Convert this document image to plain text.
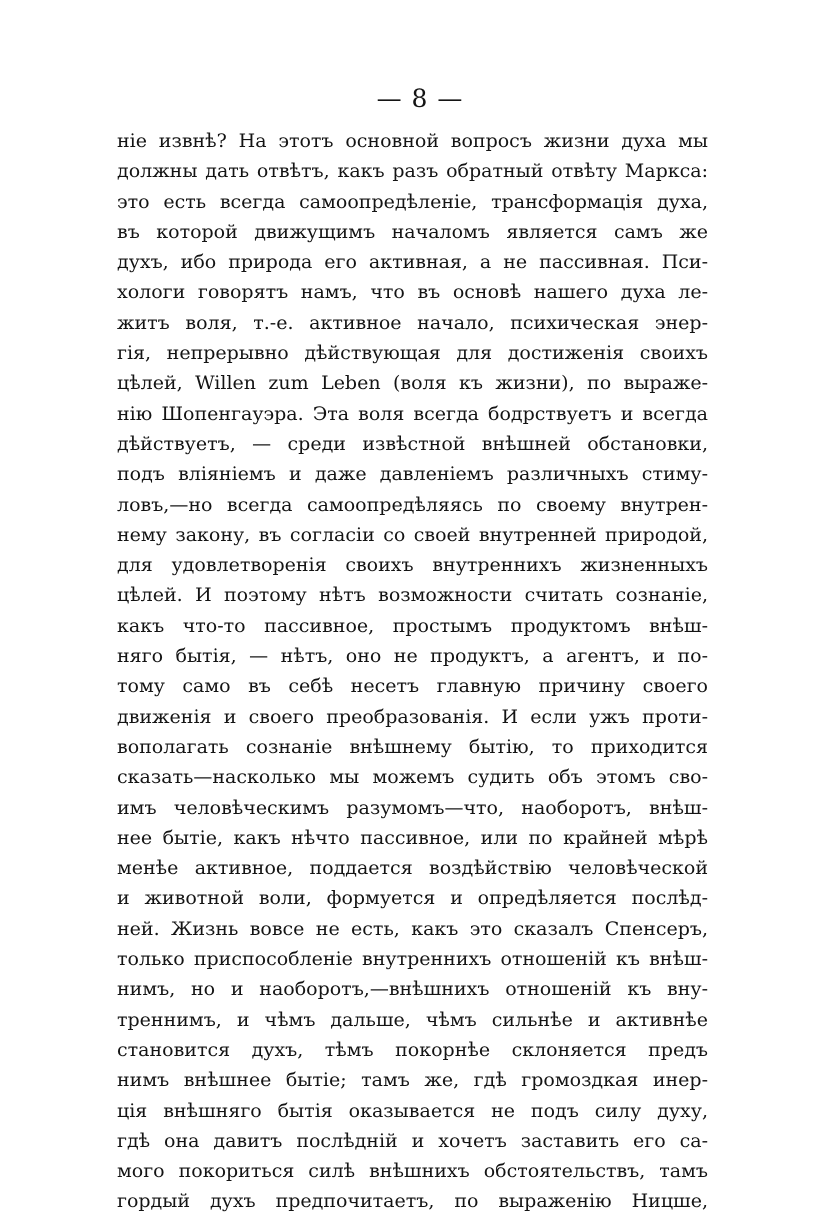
— 8 —
ніе извнѣ? На этотъ основной вопросъ жизни духа мы
должны дать отвѣтъ, какъ разъ обратный отвѣту Маркса:
это есть всегда самоопредѣленіе, трансформація духа,
въ которой движущимъ началомъ является самъ же
духъ, ибо природа его активная, а не пассивная. Пси-
хологи говорятъ намъ, что въ основѣ нашего духа ле-
житъ воля, т.-е. активное начало, психическая энер-
гія, непрерывно дѣйствующая для достиженія своихъ
цѣлей, Willen zum Leben (воля къ жизни), по выраже-
нію Шопенгауэра. Эта воля всегда бодрствуетъ и всегда
дѣйствуетъ, — среди извѣстной внѣшней обстановки,
подъ вліяніемъ и даже давленіемъ различныхъ стиму-
ловъ,—но всегда самоопредѣляясь по своему внутрен-
нему закону, въ согласіи со своей внутренней природой,
для удовлетворенія своихъ внутреннихъ жизненныхъ
цѣлей. И поэтому нѣтъ возможности считать сознаніе,
какъ что-то пассивное, простымъ продуктомъ внѣш-
няго бытія, — нѣтъ, оно не продуктъ, а агентъ, и по-
тому само въ себѣ несетъ главную причину своего
движенія и своего преобразованія. И если ужъ проти-
вополагать сознаніе внѣшнему бытію, то приходится
сказать—насколько мы можемъ судить объ этомъ сво-
имъ человѣческимъ разумомъ—что, наоборотъ, внѣш-
нее бытіе, какъ нѣчто пассивное, или по крайней мѣрѣ
менѣе активное, поддается воздѣйствію человѣческой
и животной воли, формуется и опредѣляется послѣд-
ней. Жизнь вовсе не есть, какъ это сказалъ Спенсеръ,
только приспособленіе внутреннихъ отношеній къ внѣш-
нимъ, но и наоборотъ,—внѣшнихъ отношеній къ вну-
треннимъ, и чѣмъ дальше, чѣмъ сильнѣе и активнѣе
становится духъ, тѣмъ покорнѣе склоняется предъ
нимъ внѣшнее бытіе; тамъ же, гдѣ громоздкая инер-
ція внѣшняго бытія оказывается не подъ силу духу,
гдѣ она давитъ послѣдній и хочетъ заставить его са-
мого покориться силѣ внѣшнихъ обстоятельствъ, тамъ
гордый духъ предпочитаетъ, по выраженію Ницше,
